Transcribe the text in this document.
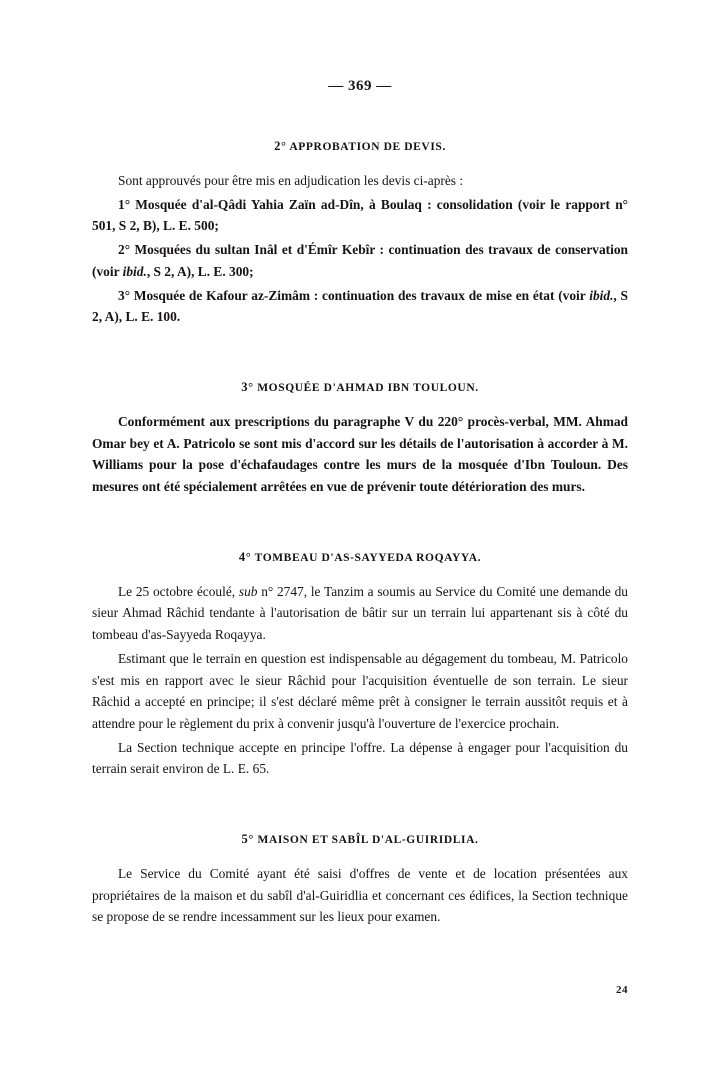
— 369 —
2° APPROBATION DE DEVIS.

Sont approuvés pour être mis en adjudication les devis ci-après :

1° Mosquée d'al-Qâdi Yahia Zaïn ad-Dîn, à Boulaq : consolidation (voir le rapport n° 501, S 2, B), L. E. 500;

2° Mosquées du sultan Inâl et d'Émîr Kebîr : continuation des travaux de conservation (voir ibid., S 2, A), L. E. 300;

3° Mosquée de Kafour az-Zimâm : continuation des travaux de mise en état (voir ibid., S 2, A), L. E. 100.

3° MOSQUÉE D'AHMAD IBN TOULOUN.

Conformément aux prescriptions du paragraphe V du 220° procès-verbal, MM. Ahmad Omar bey et A. Patricolo se sont mis d'accord sur les détails de l'autorisation à accorder à M. Williams pour la pose d'échafaudages contre les murs de la mosquée d'Ibn Touloun. Des mesures ont été spécialement arrêtées en vue de prévenir toute détérioration des murs.

4° TOMBEAU D'AS-SAYYEDA ROQAYYA.

Le 25 octobre écoulé, sub n° 2747, le Tanzim a soumis au Service du Comité une demande du sieur Ahmad Râchid tendante à l'autorisation de bâtir sur un terrain lui appartenant sis à côté du tombeau d'as-Sayyeda Roqayya.

Estimant que le terrain en question est indispensable au dégagement du tombeau, M. Patricolo s'est mis en rapport avec le sieur Râchid pour l'acquisition éventuelle de son terrain. Le sieur Râchid a accepté en principe; il s'est déclaré même prêt à consigner le terrain aussitôt requis et à attendre pour le règlement du prix à convenir jusqu'à l'ouverture de l'exercice prochain.

La Section technique accepte en principe l'offre. La dépense à engager pour l'acquisition du terrain serait environ de L. E. 65.

5° MAISON ET SABÎL D'AL-GUIRIDLIA.

Le Service du Comité ayant été saisi d'offres de vente et de location présentées aux propriétaires de la maison et du sabîl d'al-Guiridlia et concernant ces édifices, la Section technique se propose de se rendre incessamment sur les lieux pour examen.

24
